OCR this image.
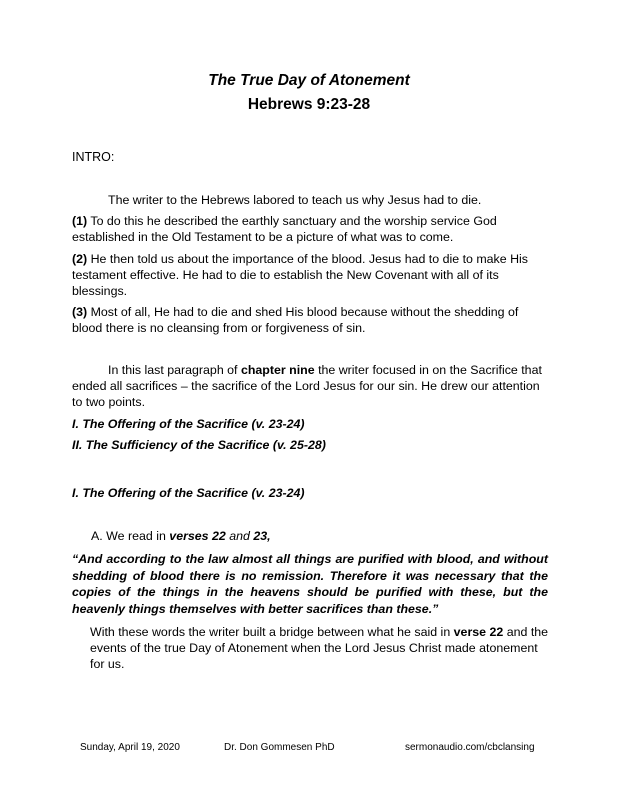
The True Day of Atonement
Hebrews 9:23-28
INTRO:
The writer to the Hebrews labored to teach us why Jesus had to die.
(1) To do this he described the earthly sanctuary and the worship service God established in the Old Testament to be a picture of what was to come.
(2) He then told us about the importance of the blood. Jesus had to die to make His testament effective. He had to die to establish the New Covenant with all of its blessings.
(3) Most of all, He had to die and shed His blood because without the shedding of blood there is no cleansing from or forgiveness of sin.
In this last paragraph of chapter nine the writer focused in on the Sacrifice that ended all sacrifices – the sacrifice of the Lord Jesus for our sin. He drew our attention to two points.
I. The Offering of the Sacrifice (v. 23-24)
II. The Sufficiency of the Sacrifice (v. 25-28)
I. The Offering of the Sacrifice (v. 23-24)
A. We read in verses 22 and 23,
“And according to the law almost all things are purified with blood, and without shedding of blood there is no remission. Therefore it was necessary that the copies of the things in the heavens should be purified with these, but the heavenly things themselves with better sacrifices than these.”
With these words the writer built a bridge between what he said in verse 22 and the events of the true Day of Atonement when the Lord Jesus Christ made atonement for us.
Sunday, April 19, 2020	Dr. Don Gommesen PhD	sermonaudio.com/cbclansing
